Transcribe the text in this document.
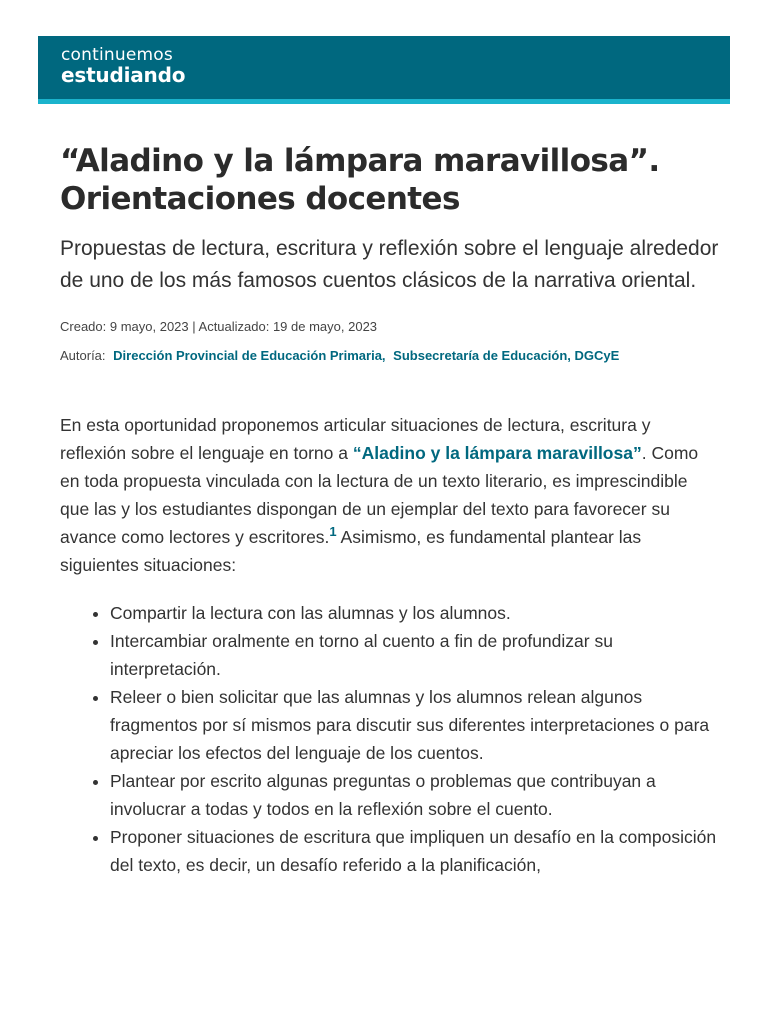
continuemos
estudiando
“Aladino y la lámpara maravillosa”.
Orientaciones docentes

Propuestas de lectura, escritura y reflexión sobre el lenguaje alrededor de uno de los más famosos cuentos clásicos de la narrativa oriental.

Creado: 9 mayo, 2023 | Actualizado: 19 de mayo, 2023
Autoría: Dirección Provincial de Educación Primaria, Subsecretaría de Educación, DGCyE

En esta oportunidad proponemos articular situaciones de lectura, escritura y reflexión sobre el lenguaje en torno a “Aladino y la lámpara maravillosa”. Como en toda propuesta vinculada con la lectura de un texto literario, es imprescindible que las y los estudiantes dispongan de un ejemplar del texto para favorecer su avance como lectores y escritores.$^1$ Asimismo, es fundamental plantear las siguientes situaciones:

• Compartir la lectura con las alumnas y los alumnos.
• Intercambiar oralmente en torno al cuento a fin de profundizar su interpretación.
• Releer o bien solicitar que las alumnas y los alumnos relean algunos fragmentos por sí mismos para discutir sus diferentes interpretaciones o para apreciar los efectos del lenguaje de los cuentos.
• Plantear por escrito algunas preguntas o problemas que contribuyan a involucrar a todas y todos en la reflexión sobre el cuento.
• Proponer situaciones de escritura que impliquen un desafío en la composición del texto, es decir, un desafío referido a la planificación,
